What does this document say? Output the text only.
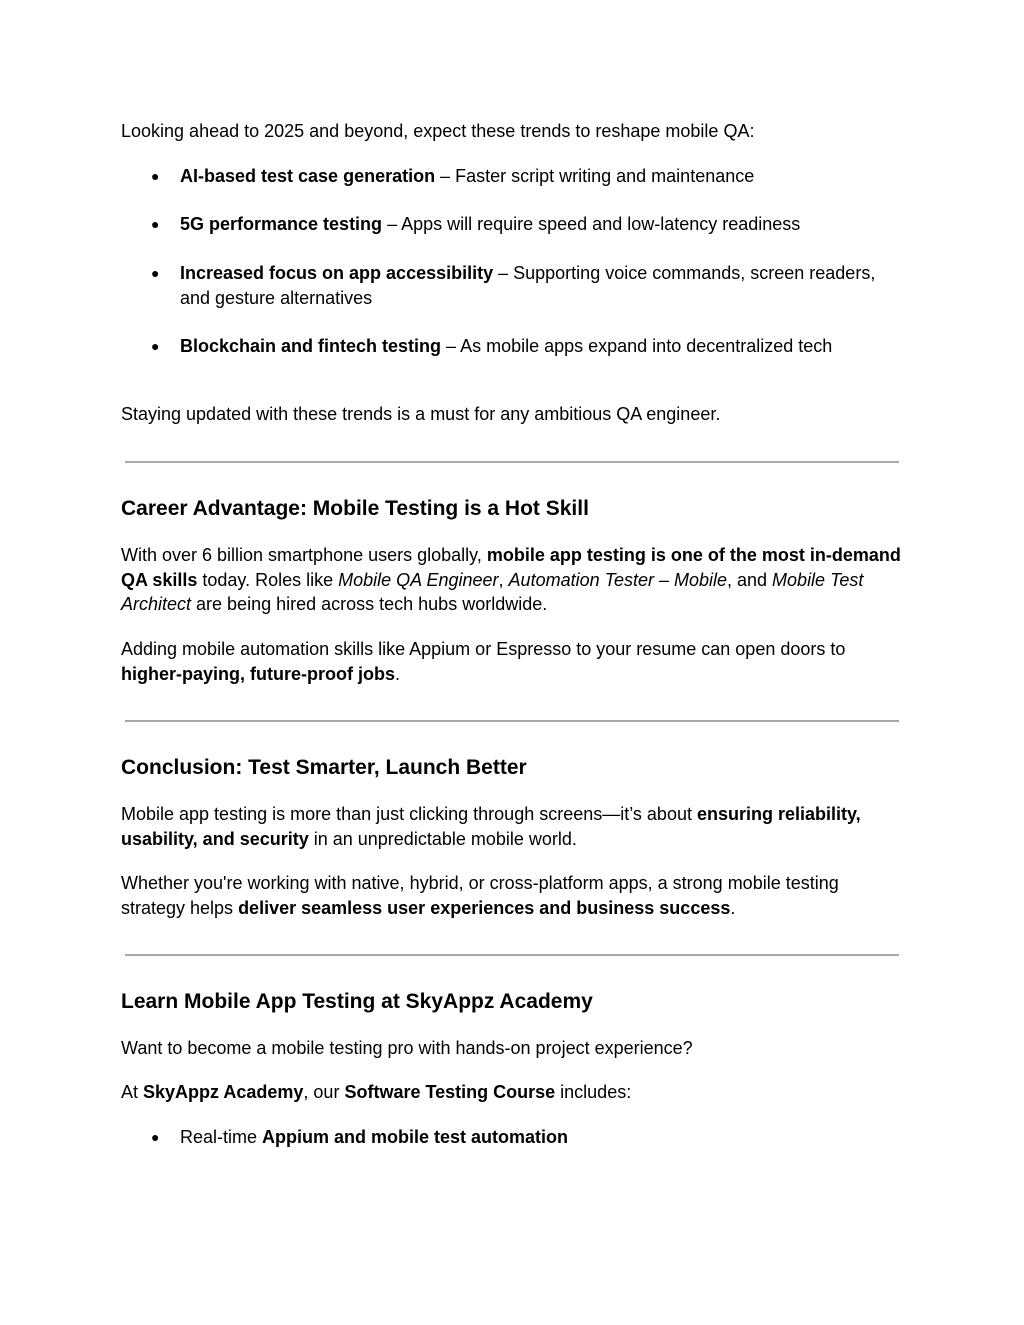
Looking ahead to 2025 and beyond, expect these trends to reshape mobile QA:

● AI-based test case generation – Faster script writing and maintenance
● 5G performance testing – Apps will require speed and low-latency readiness
● Increased focus on app accessibility – Supporting voice commands, screen readers, and gesture alternatives
● Blockchain and fintech testing – As mobile apps expand into decentralized tech

Staying updated with these trends is a must for any ambitious QA engineer.

Career Advantage: Mobile Testing is a Hot Skill

With over 6 billion smartphone users globally, mobile app testing is one of the most in-demand QA skills today. Roles like Mobile QA Engineer, Automation Tester – Mobile, and Mobile Test Architect are being hired across tech hubs worldwide.

Adding mobile automation skills like Appium or Espresso to your resume can open doors to higher-paying, future-proof jobs.

Conclusion: Test Smarter, Launch Better

Mobile app testing is more than just clicking through screens—it’s about ensuring reliability, usability, and security in an unpredictable mobile world.

Whether you're working with native, hybrid, or cross-platform apps, a strong mobile testing strategy helps deliver seamless user experiences and business success.

Learn Mobile App Testing at SkyAppz Academy

Want to become a mobile testing pro with hands-on project experience?

At SkyAppz Academy, our Software Testing Course includes:

● Real-time Appium and mobile test automation
